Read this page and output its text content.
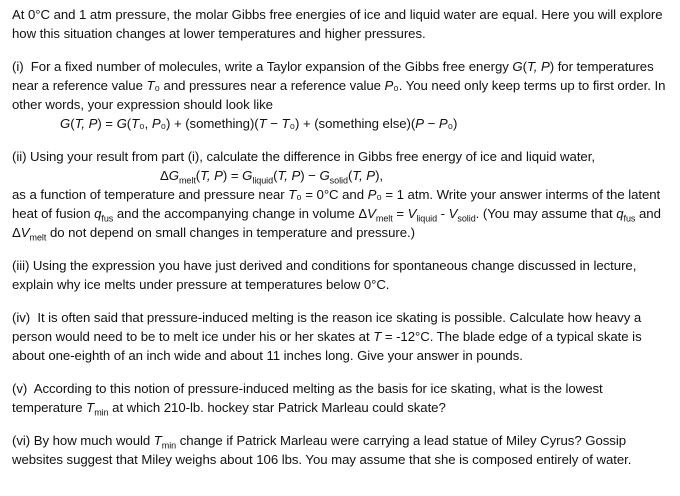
At 0°C and 1 atm pressure, the molar Gibbs free energies of ice and liquid water are equal. Here you will explore how this situation changes at lower temperatures and higher pressures.

(i)  For a fixed number of molecules, write a Taylor expansion of the Gibbs free energy G(T, P) for temperatures near a reference value T₀ and pressures near a reference value P₀. You need only keep terms up to first order. In other words, your expression should look like

G(T, P) = G(T₀, P₀) + (something)(T − T₀) + (something else)(P − P₀)

(ii) Using your result from part (i), calculate the difference in Gibbs free energy of ice and liquid water,

$\Delta G_{melt}(T$, $P) = G_{liquid}(T$, $P) - G_{solid}(T$, P),

as a function of temperature and pressure near T₀ = 0°C and P₀ = 1 atm. Write your answer interms of the latent heat of fusion $q_{fus}$ and the accompanying change in volume $\Delta V_{melt} = V_{liquid} - V_{solid}$. (You may assume that $q_{fus}$ and $\Delta V_{melt}$ do not depend on small changes in temperature and pressure.)

(iii) Using the expression you have just derived and conditions for spontaneous change discussed in lecture, explain why ice melts under pressure at temperatures below 0°C.

(iv)  It is often said that pressure-induced melting is the reason ice skating is possible. Calculate how heavy a person would need to be to melt ice under his or her skates at T = -12°C. The blade edge of a typical skate is about one-eighth of an inch wide and about 11 inches long. Give your answer in pounds.

(v)  According to this notion of pressure-induced melting as the basis for ice skating, what is the lowest temperature $T_{min}$ at which 210-lb. hockey star Patrick Marleau could skate?

(vi) By how much would $T_{min}$ change if Patrick Marleau were carrying a lead statue of Miley Cyrus? Gossip websites suggest that Miley weighs about 106 lbs. You may assume that she is composed entirely of water.
